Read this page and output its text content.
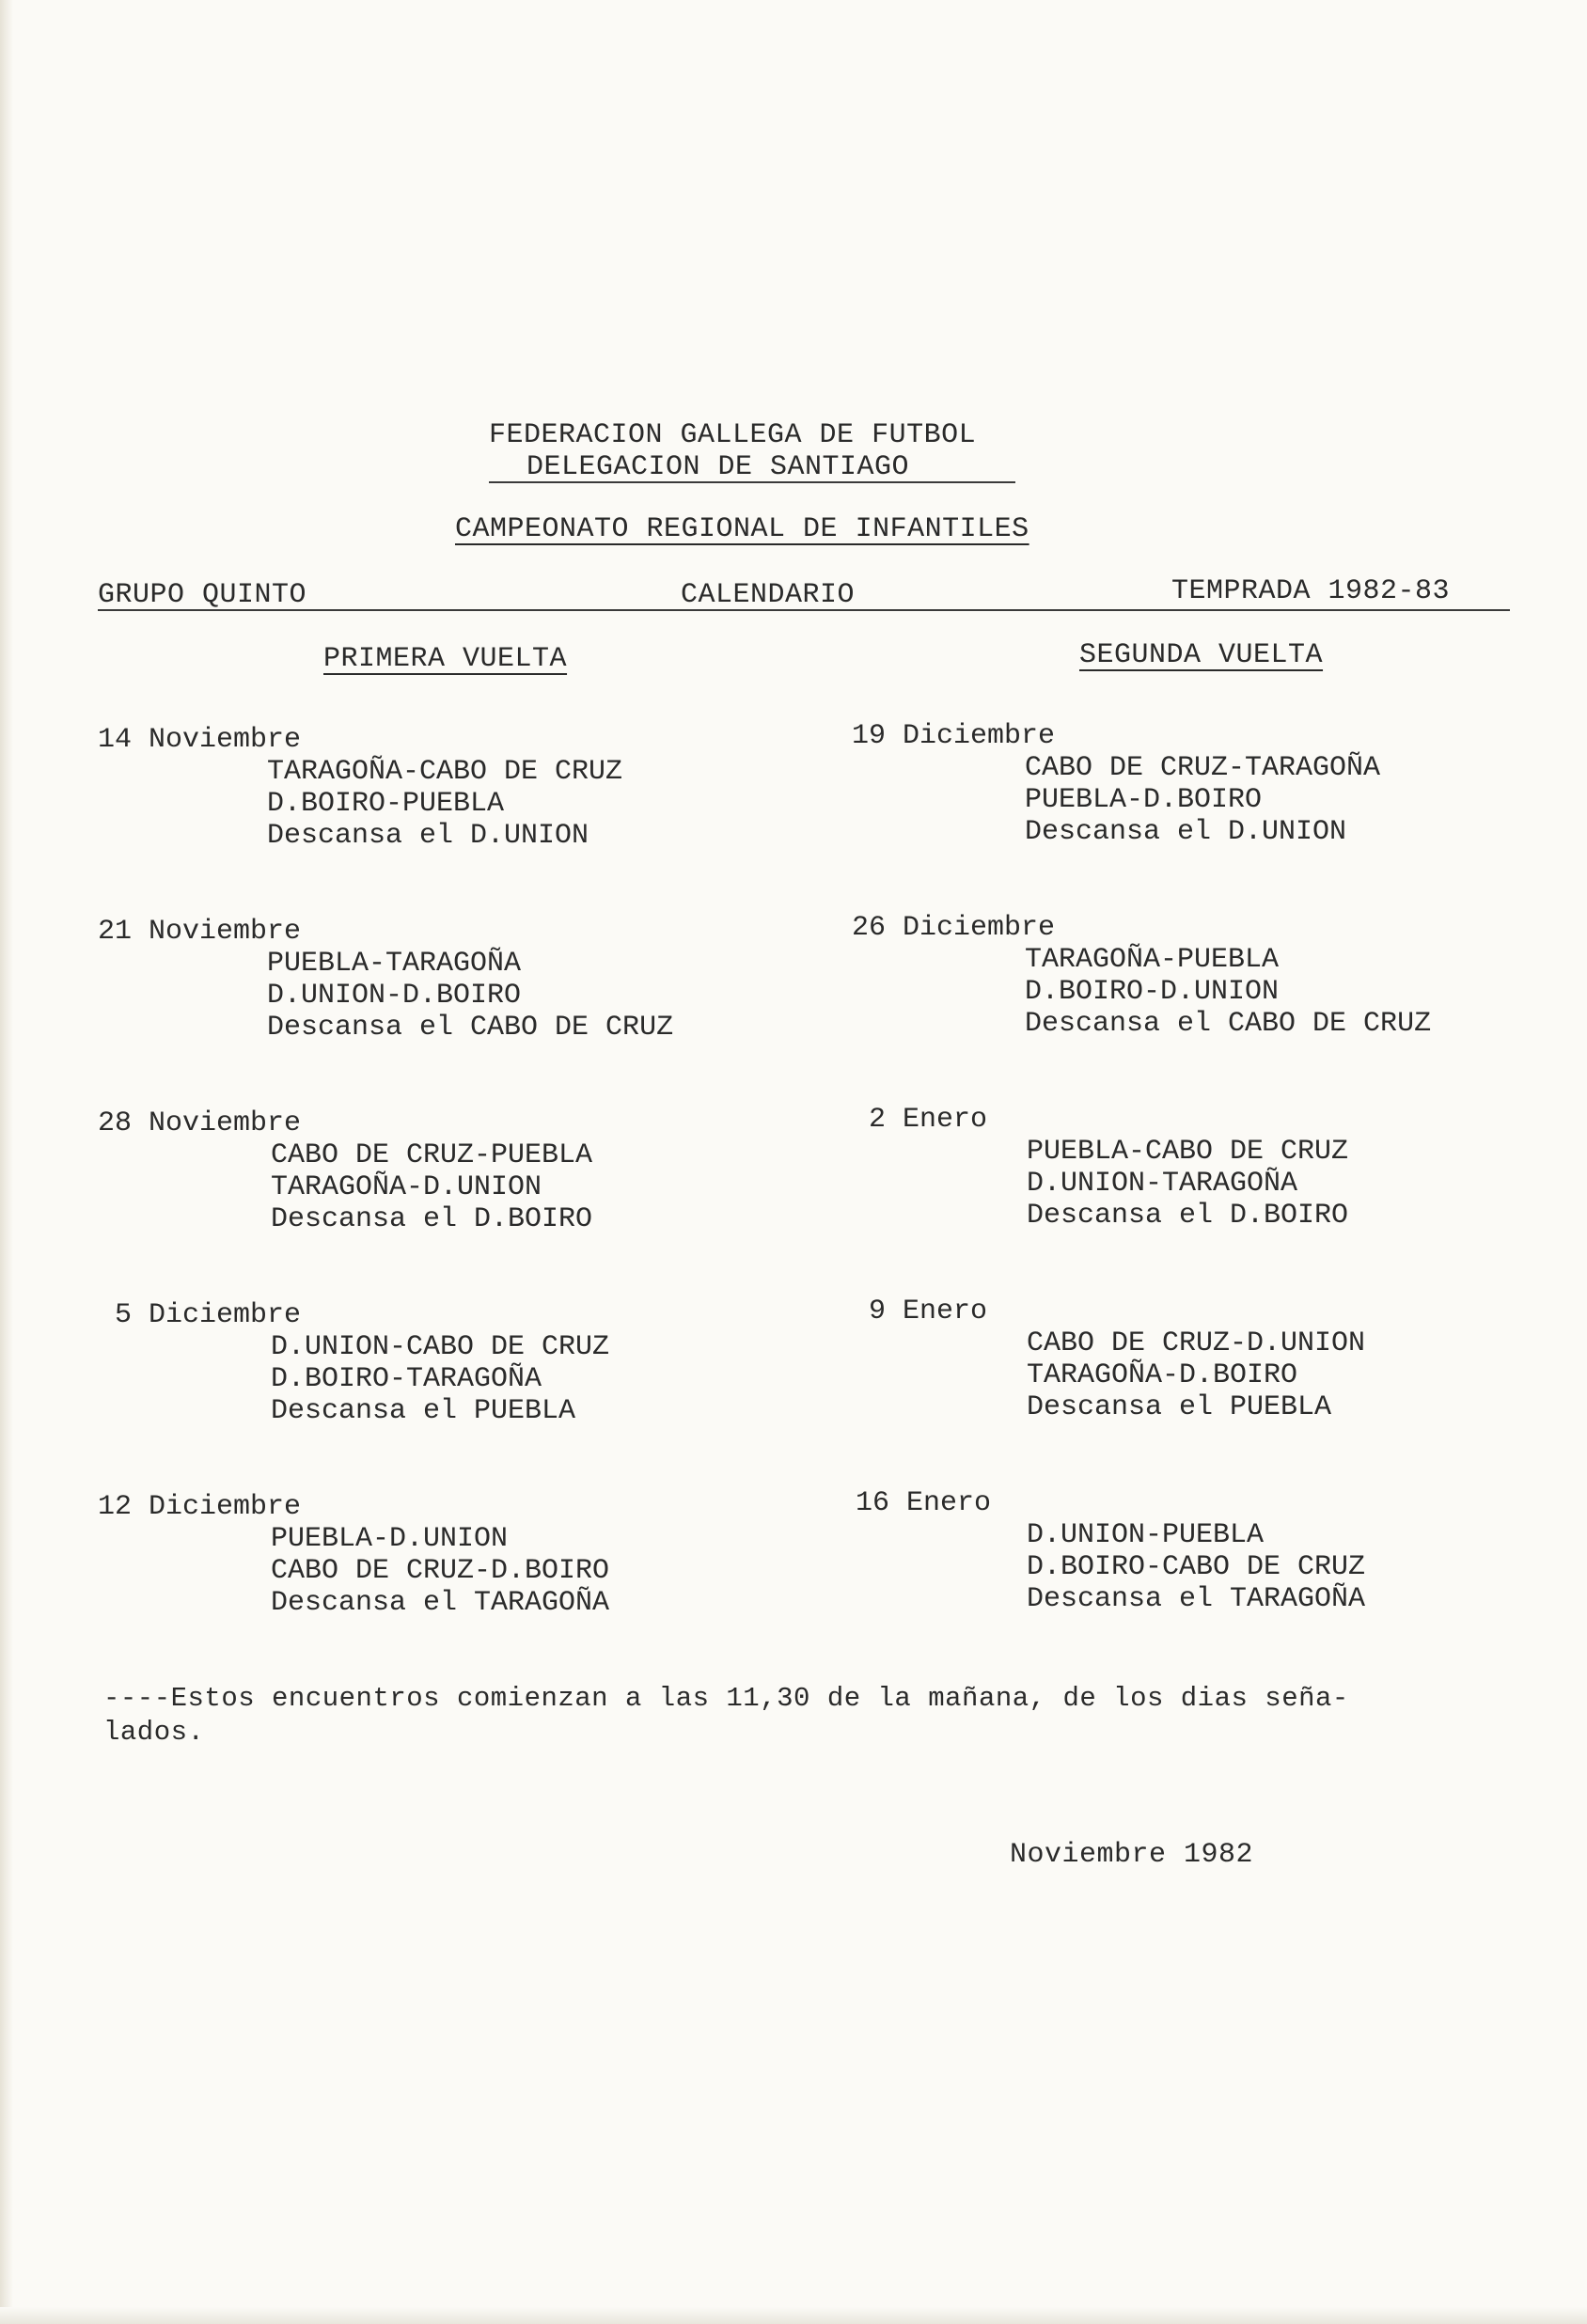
FEDERACION GALLEGA DE FUTBOL
DELEGACION DE SANTIAGO
CAMPEONATO REGIONAL DE INFANTILES
GRUPO QUINTO	CALENDARIO	TEMPRADA 1982-83
PRIMERA VUELTA	SEGUNDA VUELTA
14 Noviembre
TARAGOÑA-CABO DE CRUZ
D.BOIRO-PUEBLA
Descansa el D.UNION
21 Noviembre
PUEBLA-TARAGOÑA
D.UNION-D.BOIRO
Descansa el CABO DE CRUZ
28 Noviembre
CABO DE CRUZ-PUEBLA
TARAGOÑA-D.UNION
Descansa el D.BOIRO
5 Diciembre
D.UNION-CABO DE CRUZ
D.BOIRO-TARAGOÑA
Descansa el PUEBLA
12 Diciembre
PUEBLA-D.UNION
CABO DE CRUZ-D.BOIRO
Descansa el TARAGOÑA
19 Diciembre
CABO DE CRUZ-TARAGOÑA
PUEBLA-D.BOIRO
Descansa el D.UNION
26 Diciembre
TARAGOÑA-PUEBLA
D.BOIRO-D.UNION
Descansa el CABO DE CRUZ
2 Enero
PUEBLA-CABO DE CRUZ
D.UNION-TARAGOÑA
Descansa el D.BOIRO
9 Enero
CABO DE CRUZ-D.UNION
TARAGOÑA-D.BOIRO
Descansa el PUEBLA
16 Enero
D.UNION-PUEBLA
D.BOIRO-CABO DE CRUZ
Descansa el TARAGOÑA
----Estos encuentros comienzan a las 11,30 de la mañana, de los dias seña-
lados.
Noviembre 1982
